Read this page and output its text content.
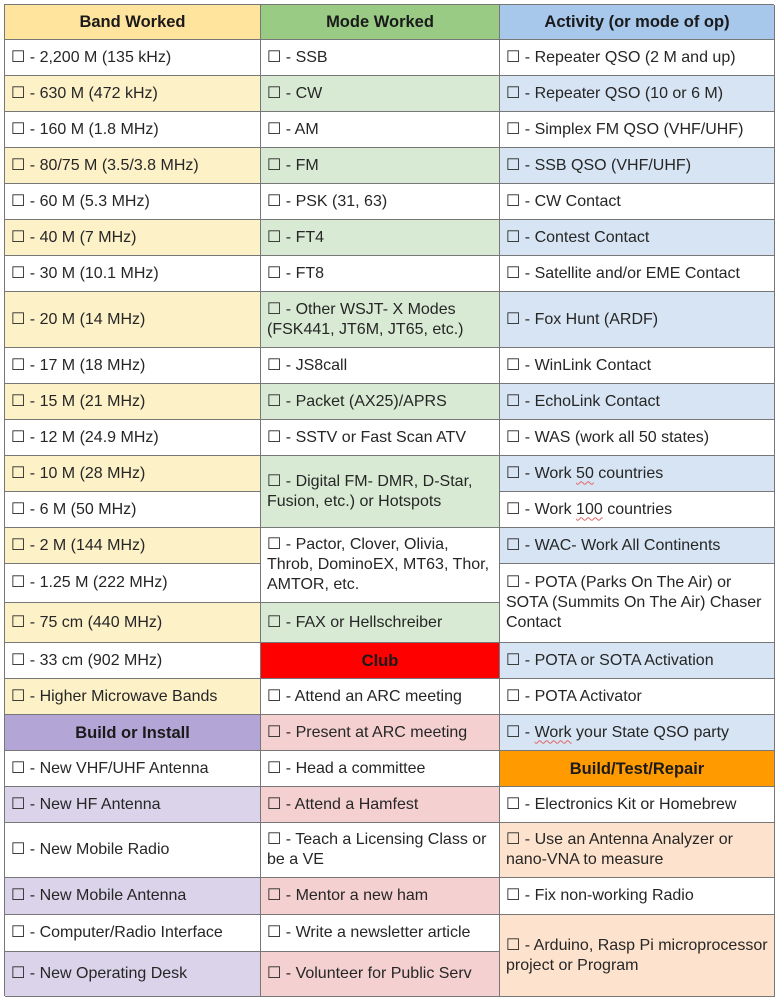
Band Worked	Mode Worked	Activity (or mode of op)
☐ - 2,200 M (135 kHz)
☐ - 630 M (472 kHz)
☐ - 160 M (1.8 MHz)
☐ - 80/75 M (3.5/3.8 MHz)
☐ - 60 M (5.3 MHz)
☐ - 40 M (7 MHz)
☐ - 30 M (10.1 MHz)
☐ - 20 M (14 MHz)
☐ - 17 M (18 MHz)
☐ - 15 M (21 MHz)
☐ - 12 M (24.9 MHz)
☐ - 10 M (28 MHz)
☐ - 6 M (50 MHz)
☐ - 2 M (144 MHz)
☐ - 1.25 M (222 MHz)
☐ - 75 cm (440 MHz)
☐ - 33 cm (902 MHz)
☐ - Higher Microwave Bands
Build or Install
☐ - New VHF/UHF Antenna
☐ - New HF Antenna
☐ - New Mobile Radio
☐ - New Mobile Antenna
☐ - Computer/Radio Interface
☐ - New Operating Desk
☐ - SSB
☐ - CW
☐ - AM
☐ - FM
☐ - PSK (31, 63)
☐ - FT4
☐ - FT8
☐ - Other WSJT- X Modes (FSK441, JT6M, JT65, etc.)
☐ - JS8call
☐ - Packet (AX25)/APRS
☐ - SSTV or Fast Scan ATV
☐ - Digital FM- DMR, D-Star, Fusion, etc.) or Hotspots
☐ - Pactor, Clover, Olivia, Throb, DominoEX, MT63, Thor, AMTOR, etc.
☐ - FAX or Hellschreiber
Club
☐ - Attend an ARC meeting
☐ - Present at ARC meeting
☐ - Head a committee
☐ - Attend a Hamfest
☐ - Teach a Licensing Class or be a VE
☐ - Mentor a new ham
☐ - Write a newsletter article
☐ - Volunteer for Public Serv
☐ - Repeater QSO (2 M and up)
☐ - Repeater QSO (10 or 6 M)
☐ - Simplex FM QSO (VHF/UHF)
☐ - SSB QSO (VHF/UHF)
☐ - CW Contact
☐ - Contest Contact
☐ - Satellite and/or EME Contact
☐ - Fox Hunt (ARDF)
☐ - WinLink Contact
☐ - EchoLink Contact
☐ - WAS (work all 50 states)
☐ - Work 50 countries
☐ - Work 100 countries
☐ - WAC- Work All Continents
☐ - POTA (Parks On The Air) or SOTA (Summits On The Air) Chaser Contact
☐ - POTA or SOTA Activation
☐ - POTA Activator
☐ - Work your State QSO party
Build/Test/Repair
☐ - Electronics Kit or Homebrew
☐ - Use an Antenna Analyzer or nano-VNA to measure
☐ - Fix non-working Radio
☐ - Arduino, Rasp Pi microprocessor project or Program
